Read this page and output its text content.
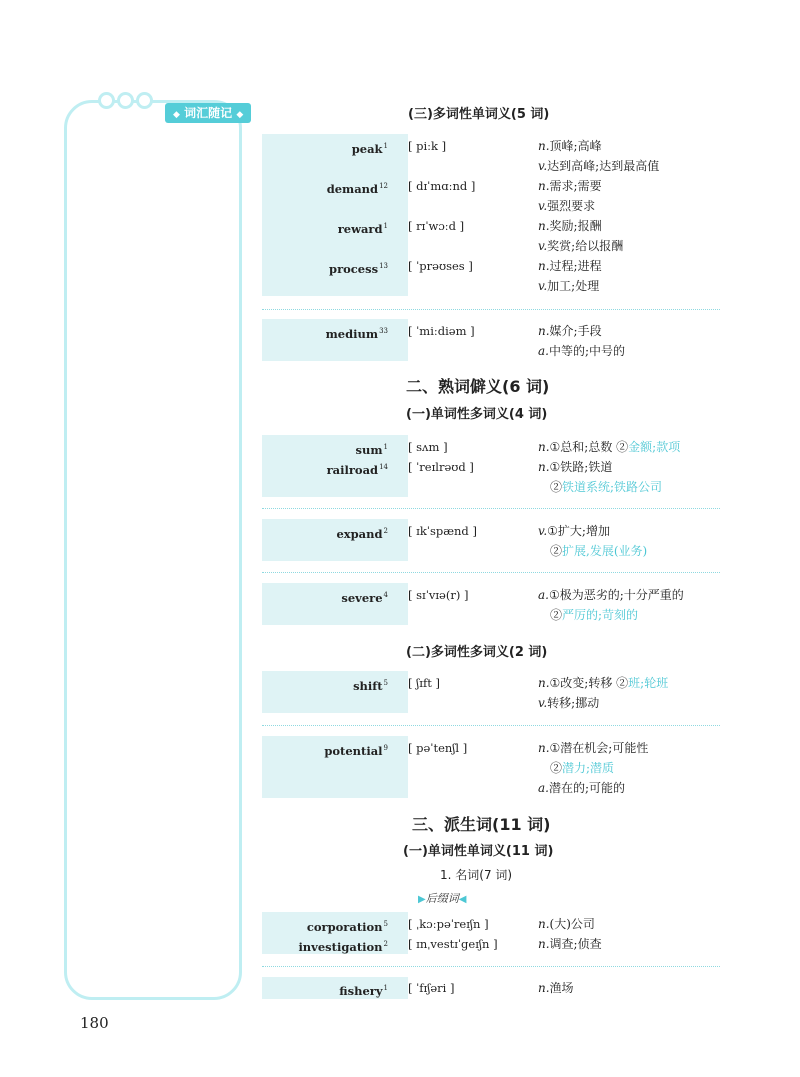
◆ 词汇随记 ◆	(三)多词性单词义(5 词)
peak$^1$ [ piːk ]	n.顶峰;高峰
v.达到高峰;达到最高值
demand$^{12}$ [ dɪˈmɑːnd ]	n.需求;需要
v.强烈要求
reward$^1$ [ rɪˈwɔːd ]	n.奖励;报酬
v.奖赏;给以报酬
process$^{13}$ [ ˈprəʊses ]	n.过程;进程
v.加工;处理
medium$^{33}$ [ ˈmiːdiəm ]	n.媒介;手段
a.中等的;中号的
二、熟词僻义(6 词)
(一)单词性多词义(4 词)
sum$^1$ [ sʌm ]	n.①总和;总数 ②金额;款项
railroad$^{14}$ [ ˈreɪlrəʊd ]	n.①铁路;铁道
②铁道系统;铁路公司
expand$^2$ [ ɪkˈspænd ]	v.①扩大;增加
②扩展,发展(业务)
severe$^4$ [ sɪˈvɪə(r) ]	a.①极为恶劣的;十分严重的
②严厉的;苛刻的
(二)多词性多词义(2 词)
shift$^5$ [ ʃɪft ]	n.①改变;转移 ②班;轮班
v.转移;挪动
potential$^9$ [ pəˈtenʃl ]	n.①潜在机会;可能性
②潜力;潜质
a.潜在的;可能的
三、派生词(11 词)
(一)单词性单词义(11 词)
1. 名词(7 词)
▶后缀词◀
corporation$^5$ [ ˌkɔːpəˈreɪʃn ]	n.(大)公司
investigation$^2$ [ ɪnˌvestɪˈgeɪʃn ]	n.调查;侦查
fishery$^1$ [ ˈfɪʃəri ]	n.渔场
180
